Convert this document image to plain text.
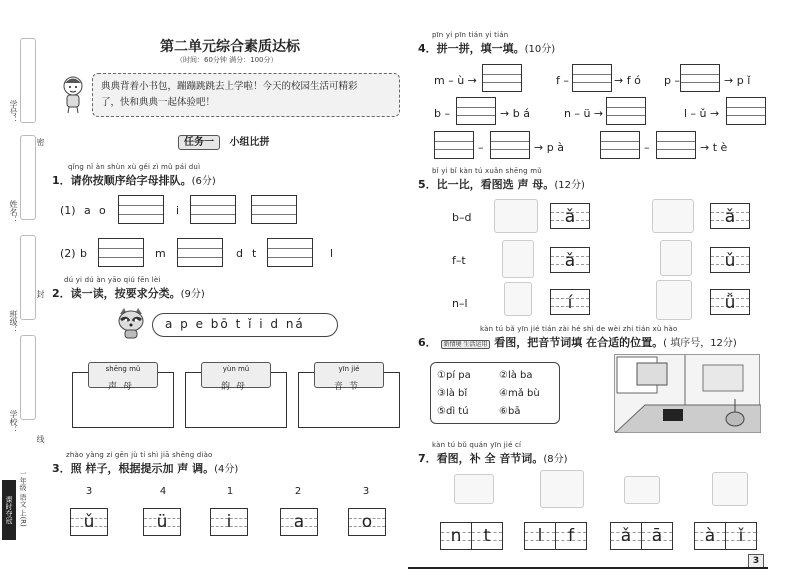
学号：
密
姓名：
封
班级：
学校：
线
课时夺冠 一年级 语文 上(R)
第二单元综合素质达标
（时间：60分钟 满分：100分）
典典背着小书包，蹦蹦跳跳去上学啦！今天的校园生活可精彩
了，快和典典一起体验吧！
任务一 小组比拼
qǐng nǐ àn shùn xù gěi zì mǔ pái duì
1．请你按顺序给字母排队。(6分)
(1) a o	i
(2) b	m	d t	l
dú yi dú àn yāo qiú fēn lèi
2．读一读，按要求分类。(9分)
a p e bō t ǐ i d ná
shēng mǔ
声母
yùn mǔ
韵母
yīn jié
音节
zhào yàng zi gēn jù tí shì jiā shēng diào
3．照 样子，根据提示加 声 调。(4分)
3
ǔ
4
ü
1
i
2
a
3
o
pīn yi pīn tián yi tián
4．拼一拼，填一填。(10分)
m – ù →	f –	→ f ó p –	→ p ǐ
b –	→ b á	n – ü →	l – ǔ →
–	→ p à	–	→ t è
bǐ yi bǐ kàn tú xuǎn shēng mǔ
5．比一比，看图选 声 母。(12分)
b–d	ǎ	ǎ
f–t	ǎ	ǔ
n–l	í	ǚ
kàn tú bǎ yīn jié tián zài hé shì de wèi zhi tián xù hào
6． 新情境 生活运用 看图，把音节词填 在合适的位置。( 填序号，12分)
①pí pa	②là ba
③là bǐ	④mǎ bù
⑤dì tú	⑥bā
kàn tú bǔ quán yīn jié cí
7．看图，补 全 音节词。(8分)
n	t	l	f	ǎ	ā	à	ǐ
3
